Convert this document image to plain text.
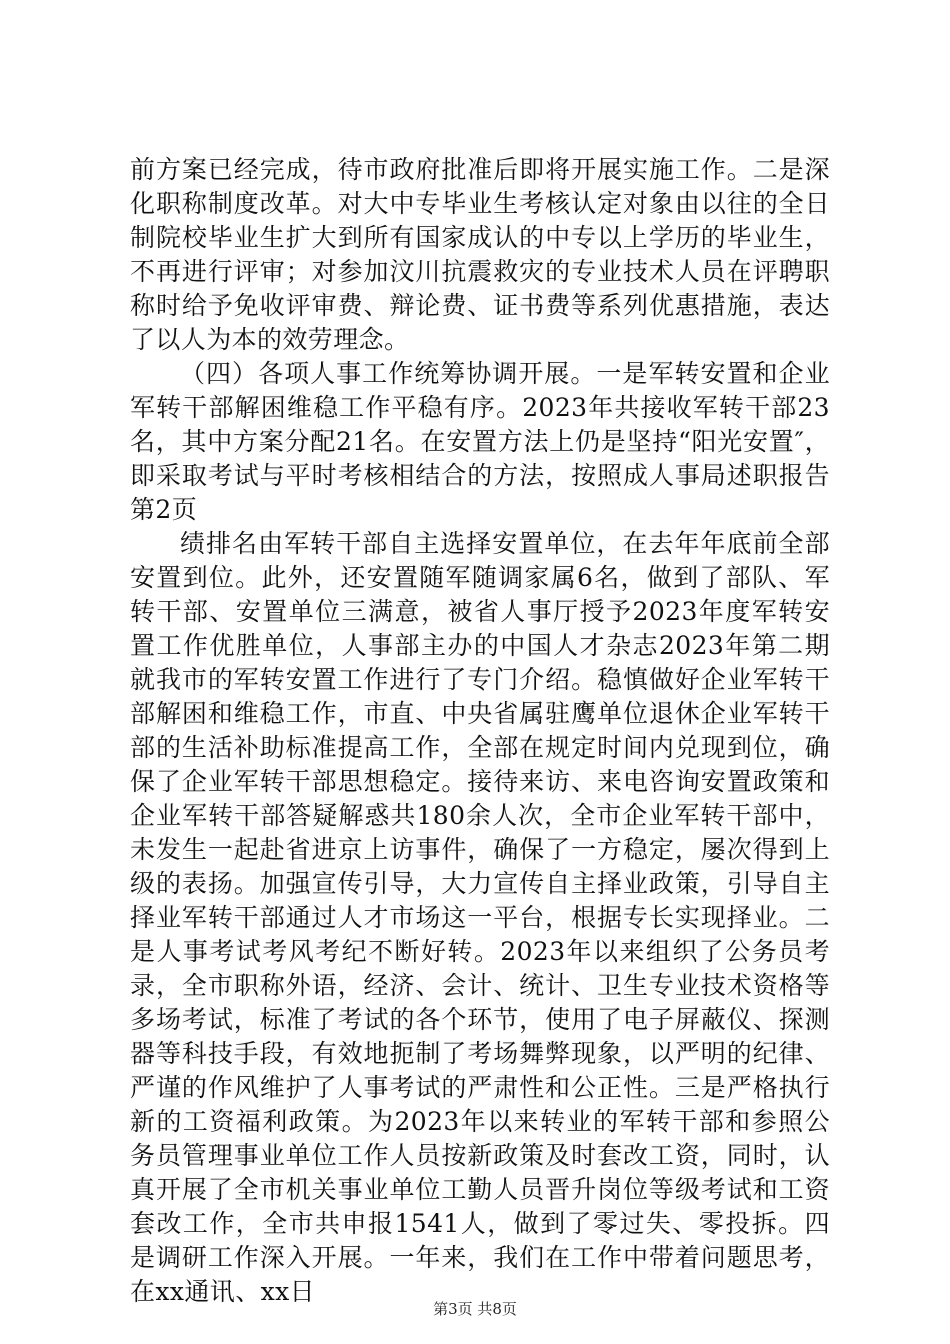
前方案已经完成，待市政府批准后即将开展实施工作。二是深化职称制度改革。对大中专毕业生考核认定对象由以往的全日制院校毕业生扩大到所有国家成认的中专以上学历的毕业生，不再进行评审；对参加汶川抗震救灾的专业技术人员在评聘职称时给予免收评审费、辩论费、证书费等系列优惠措施，表达了以人为本的效劳理念。

（四）各项人事工作统筹协调开展。一是军转安置和企业军转干部解困维稳工作平稳有序。2023年共接收军转干部23名，其中方案分配21名。在安置方法上仍是坚持“阳光安置″，即采取考试与平时考核相结合的方法，按照成人事局述职报告第2页

绩排名由军转干部自主选择安置单位，在去年年底前全部安置到位。此外，还安置随军随调家属6名，做到了部队、军转干部、安置单位三满意，被省人事厅授予2023年度军转安置工作优胜单位，人事部主办的中国人才杂志2023年第二期就我市的军转安置工作进行了专门介绍。稳慎做好企业军转干部解困和维稳工作，市直、中央省属驻鹰单位退休企业军转干部的生活补助标准提高工作，全部在规定时间内兑现到位，确保了企业军转干部思想稳定。接待来访、来电咨询安置政策和企业军转干部答疑解惑共180余人次，全市企业军转干部中，未发生一起赴省进京上访事件，确保了一方稳定，屡次得到上级的表扬。加强宣传引导，大力宣传自主择业政策，引导自主择业军转干部通过人才市场这一平台，根据专长实现择业。二是人事考试考风考纪不断好转。2023年以来组织了公务员考录，全市职称外语，经济、会计、统计、卫生专业技术资格等多场考试，标准了考试的各个环节，使用了电子屏蔽仪、探测器等科技手段，有效地扼制了考场舞弊现象，以严明的纪律、严谨的作风维护了人事考试的严肃性和公正性。三是严格执行新的工资福利政策。为2023年以来转业的军转干部和参照公务员管理事业单位工作人员按新政策及时套改工资，同时，认真开展了全市机关事业单位工勤人员晋升岗位等级考试和工资套改工作，全市共申报1541人，做到了零过失、零投拆。四是调研工作深入开展。一年来，我们在工作中带着问题思考，在xx通讯、xx日

第3页 共8页
